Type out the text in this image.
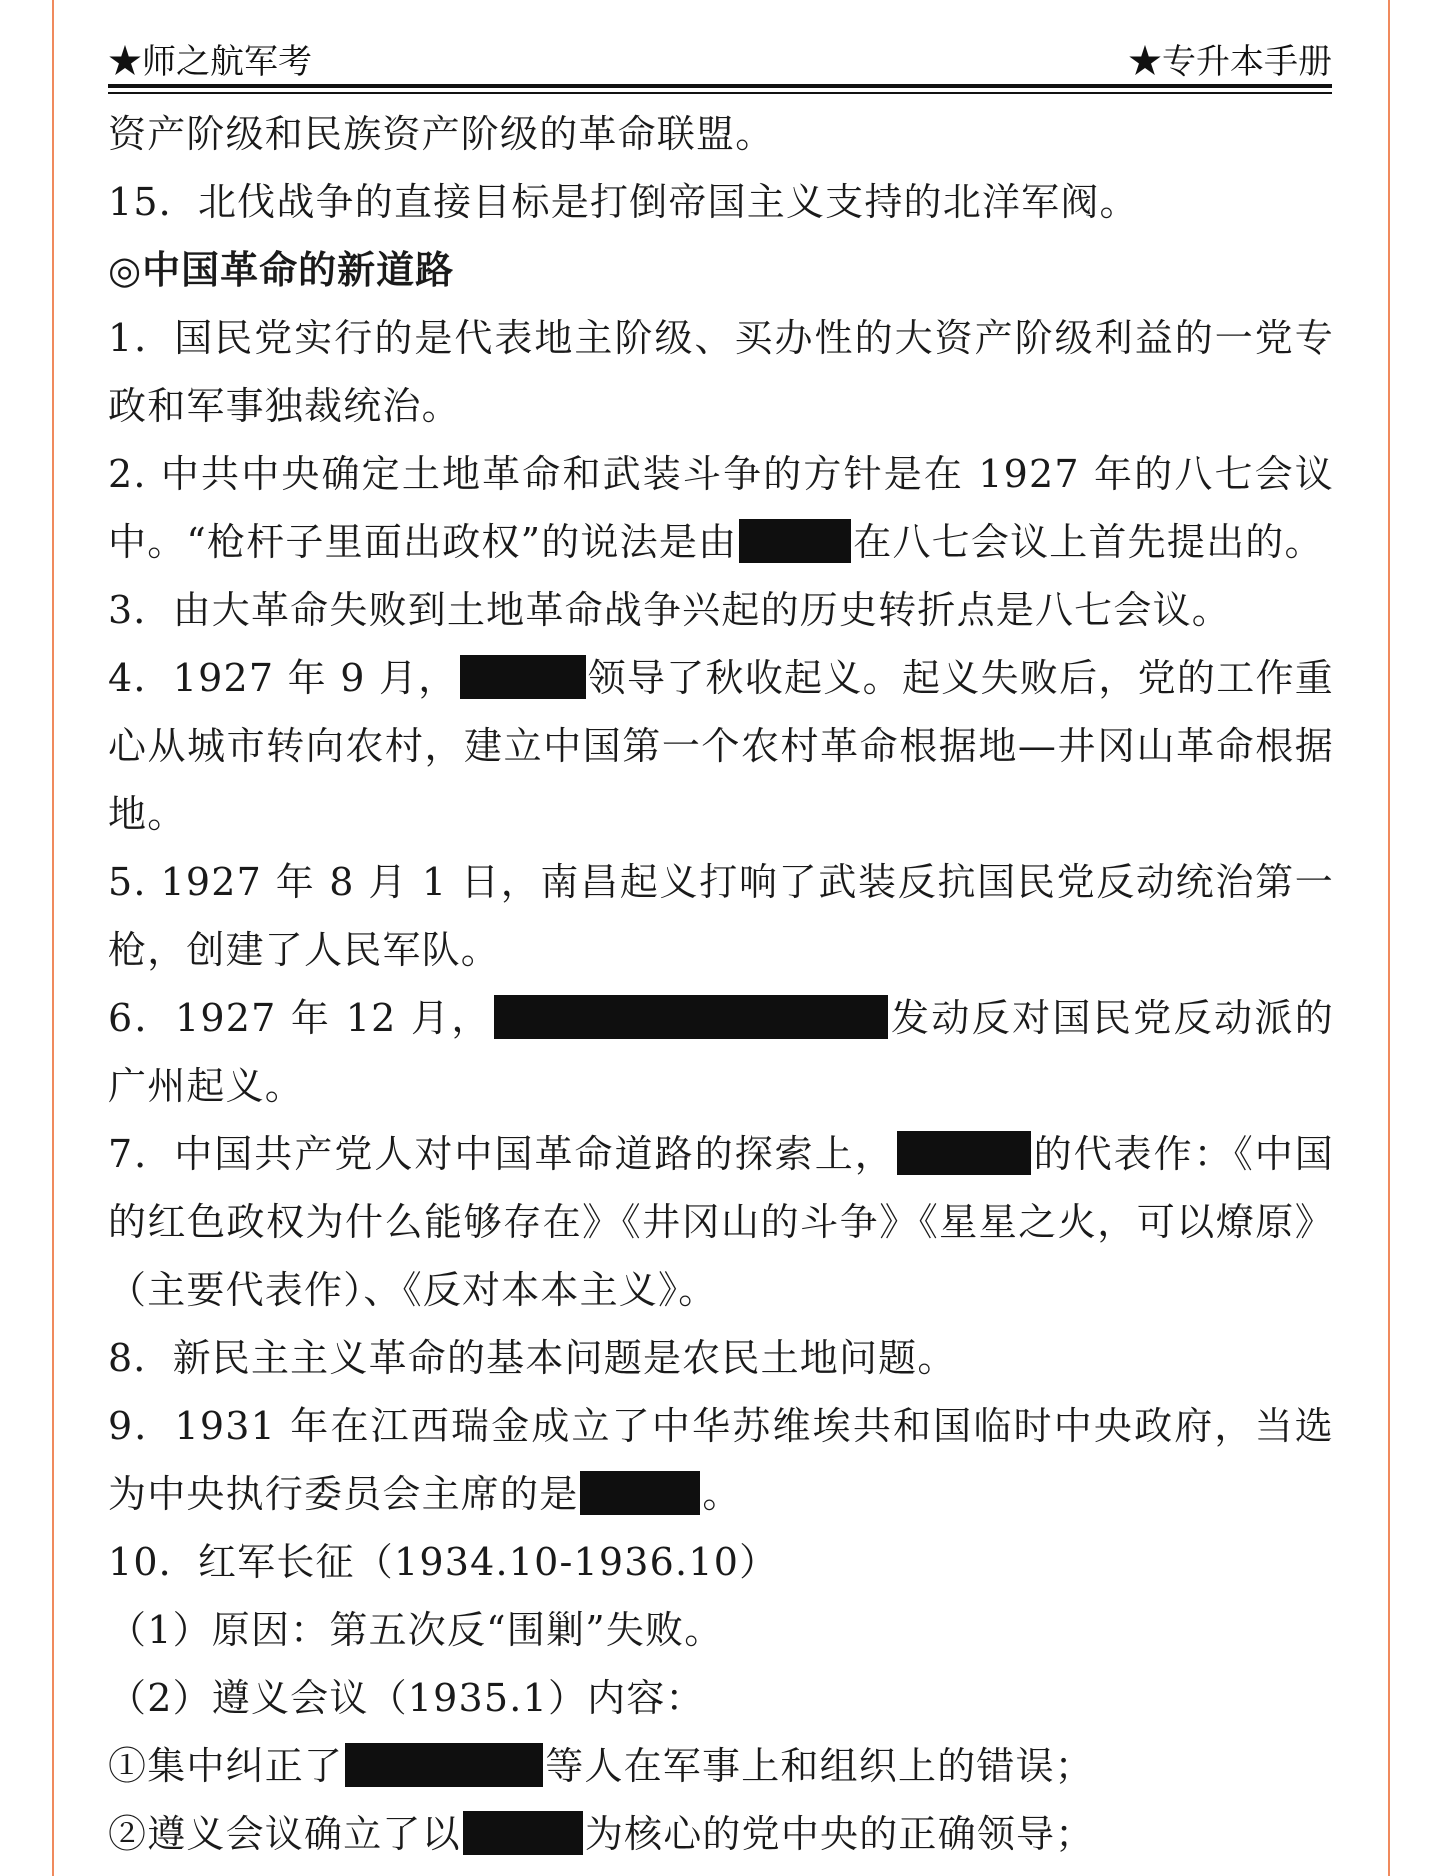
★师之航军考	★专升本手册

资产阶级和民族资产阶级的革命联盟。

15．北伐战争的直接目标是打倒帝国主义支持的北洋军阀。

◎中国革命的新道路

1．国民党实行的是代表地主阶级、买办性的大资产阶级利益的一党专政和军事独裁统治。

2. 中共中央确定土地革命和武装斗争的方针是在 1927 年的八七会议中。“枪杆子里面出政权”的说法是由	在八七会议上首先提出的。

3．由大革命失败到土地革命战争兴起的历史转折点是八七会议。

4．1927 年 9 月，	领导了秋收起义。起义失败后，党的工作重心从城市转向农村，建立中国第一个农村革命根据地—井冈山革命根据地。

5. 1927 年 8 月 1 日，南昌起义打响了武装反抗国民党反动统治第一枪，创建了人民军队。

6．1927 年 12 月，	发动反对国民党反动派的广州起义。

7．中国共产党人对中国革命道路的探索上，	的代表作：《中国的红色政权为什么能够存在》《井冈山的斗争》《星星之火，可以燎原》（主要代表作）、《反对本本主义》。

8．新民主主义革命的基本问题是农民土地问题。

9．1931 年在江西瑞金成立了中华苏维埃共和国临时中央政府，当选为中央执行委员会主席的是	。

10．红军长征（1934.10-1936.10）

（1）原因：第五次反“围剿”失败。

（2）遵义会议（1935.1）内容：

①集中纠正了	等人在军事上和组织上的错误；

②遵义会议确立了以	为核心的党中央的正确领导；
